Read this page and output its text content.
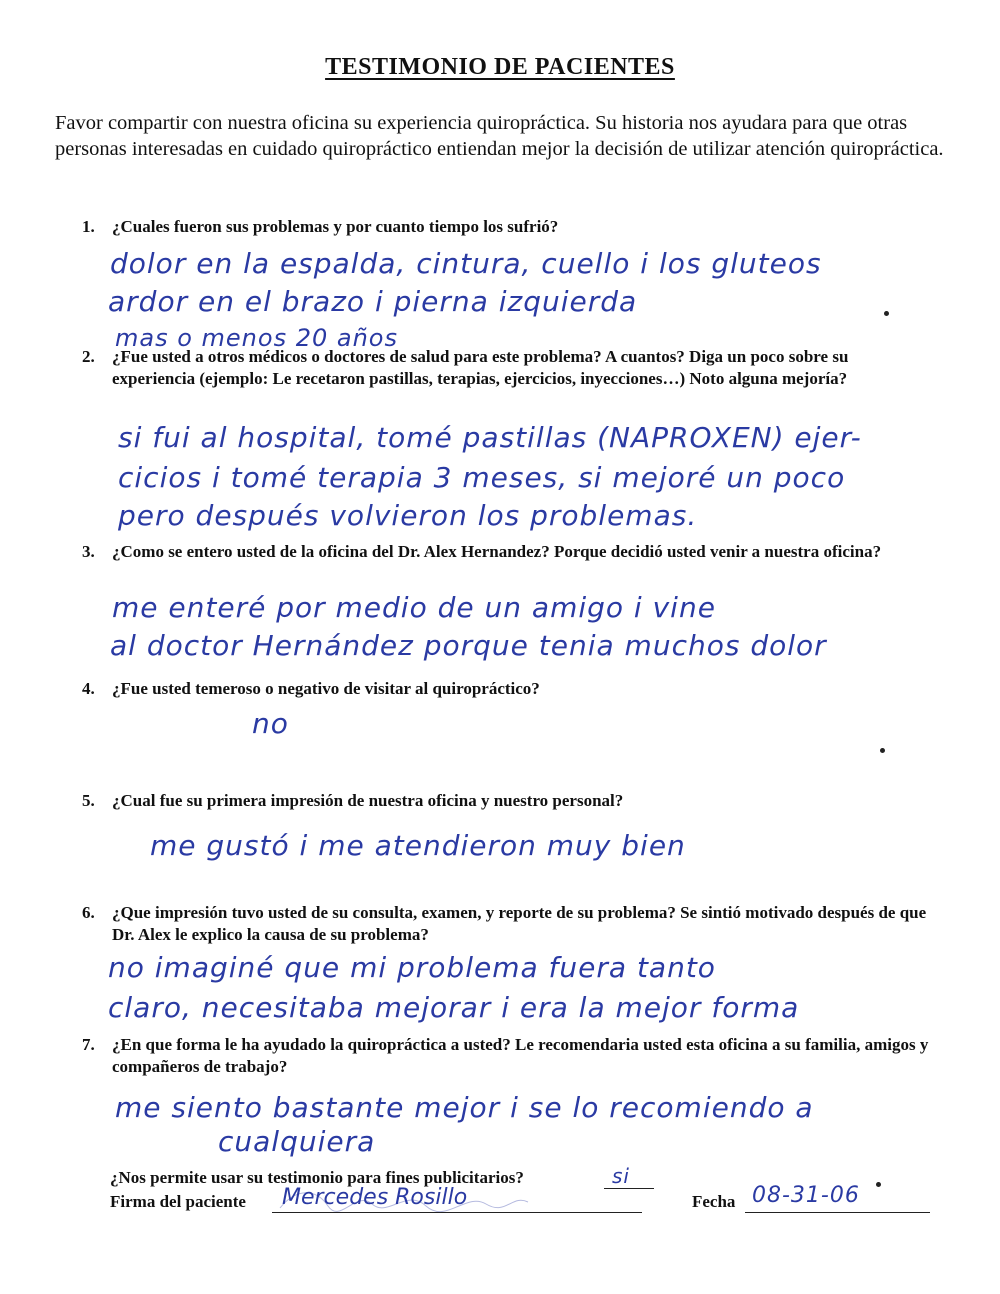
TESTIMONIO DE PACIENTES
Favor compartir con nuestra oficina su experiencia quiropráctica. Su historia nos ayudara para que otras personas interesadas en cuidado quiropráctico entiendan mejor la decisión de utilizar atención quiropráctica.
1. ¿Cuales fueron sus problemas y por cuanto tiempo los sufrió?
dolor en la espalda, cintura, cuello i los gluteos
ardor en el brazo i pierna izquierda
mas o menos 20 años
2. ¿Fue usted a otros médicos o doctores de salud para este problema? A cuantos? Diga un poco sobre su experiencia (ejemplo: Le recetaron pastillas, terapias, ejercicios, inyecciones…) Noto alguna mejoría?
si fui al hospital, tomé pastillas (NAPROXEN) ejer-
cicios i tomé terapia 3 meses, si mejoré un poco
pero después volvieron los problemas.
3. ¿Como se entero usted de la oficina del Dr. Alex Hernandez? Porque decidió usted venir a nuestra oficina?
me enteré por medio de un amigo i vine
al doctor Hernández porque tenia muchos dolor
4. ¿Fue usted temeroso o negativo de visitar al quiropráctico?
no
5. ¿Cual fue su primera impresión de nuestra oficina y nuestro personal?
me gustó i me atendieron muy bien
6. ¿Que impresión tuvo usted de su consulta, examen, y reporte de su problema? Se sintió motivado después de que Dr. Alex le explico la causa de su problema?
no imaginé que mi problema fuera tanto
claro, necesitaba mejorar i era la mejor forma
7. ¿En que forma le ha ayudado la quiropráctica a usted? Le recomendaria usted esta oficina a su familia, amigos y compañeros de trabajo?
me siento bastante mejor i se lo recomiendo a
cualquiera
¿Nos permite usar su testimonio para fines publicitarios?	si
Firma del paciente Mercedes Rosillo	Fecha 08-31-06
